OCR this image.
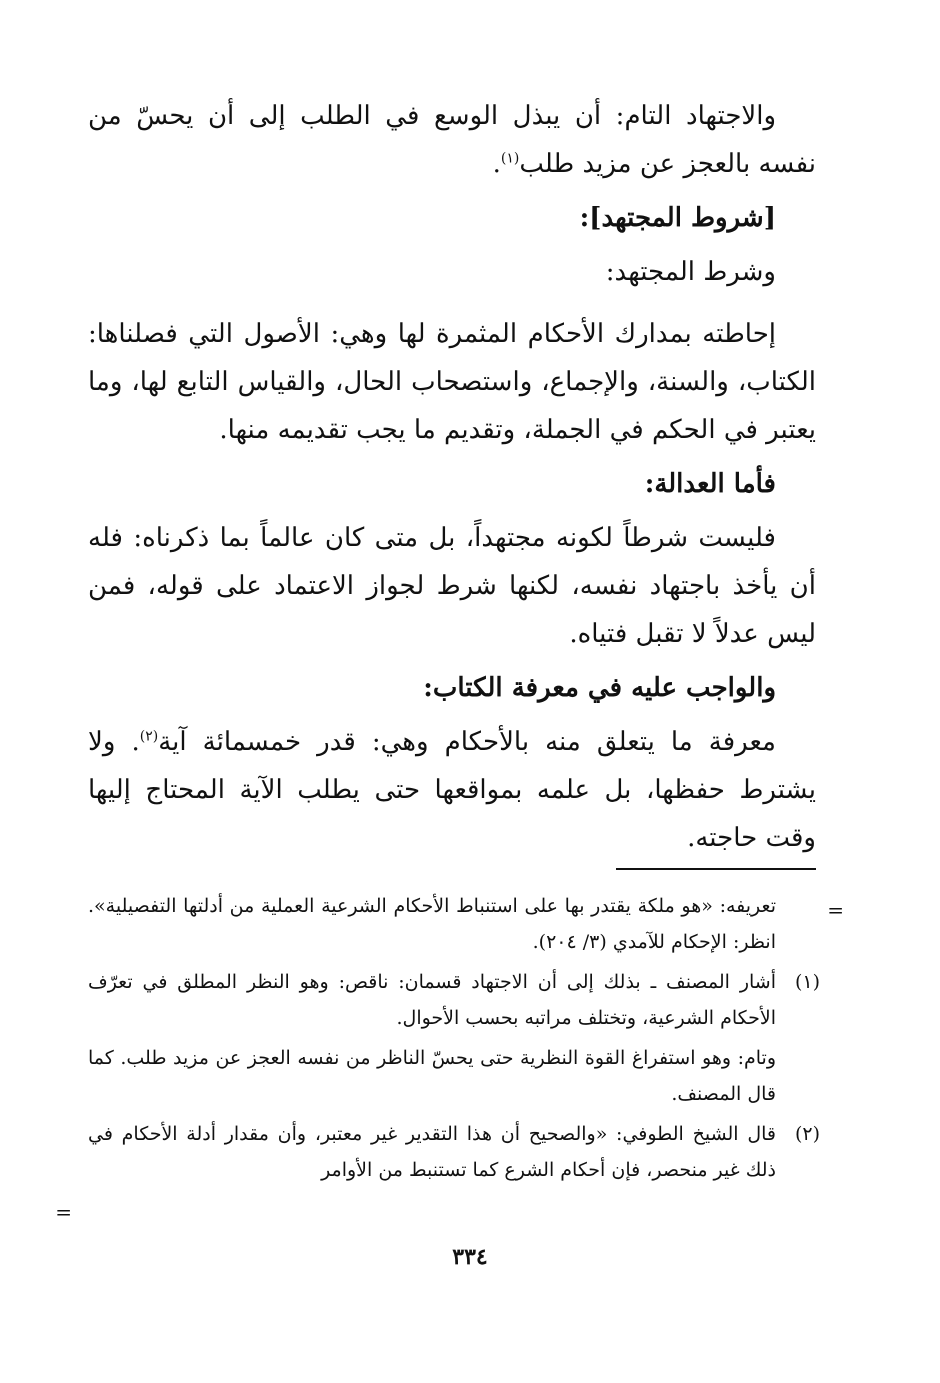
والاجتهاد التام: أن يبذل الوسع في الطلب إلى أن يحسّ من نفسه بالعجز عن مزيد طلب$^{(١)}$.

[شروط المجتهد]:

وشرط المجتهد:

إحاطته بمدارك الأحكام المثمرة لها وهي: الأصول التي فصلناها: الكتاب، والسنة، والإجماع، واستصحاب الحال، والقياس التابع لها، وما يعتبر في الحكم في الجملة، وتقديم ما يجب تقديمه منها.

فأما العدالة:

فليست شرطاً لكونه مجتهداً، بل متى كان عالماً بما ذكرناه: فله أن يأخذ باجتهاد نفسه، لكنها شرط لجواز الاعتماد على قوله، فمن ليس عدلاً لا تقبل فتياه.

والواجب عليه في معرفة الكتاب:

معرفة ما يتعلق منه بالأحكام وهي: قدر خمسمائة آية$^{(٢)}$. ولا يشترط حفظها، بل علمه بمواقعها حتى يطلب الآية المحتاج إليها وقت حاجته.

=
تعريفه: «هو ملكة يقتدر بها على استنباط الأحكام الشرعية العملية من أدلتها التفصيلية». انظر: الإحكام للآمدي (٣/ ٢٠٤).
(١)
أشار المصنف ـ بذلك إلى أن الاجتهاد قسمان: ناقص: وهو النظر المطلق في تعرّف الأحكام الشرعية، وتختلف مراتبه بحسب الأحوال.
وتام: وهو استفراغ القوة النظرية حتى يحسّ الناظر من نفسه العجز عن مزيد طلب. كما قال المصنف.
(٢)
قال الشيخ الطوفي: «والصحيح أن هذا التقدير غير معتبر، وأن مقدار أدلة الأحكام في ذلك غير منحصر، فإن أحكام الشرع كما تستنبط من الأوامر
=
٣٣٤
